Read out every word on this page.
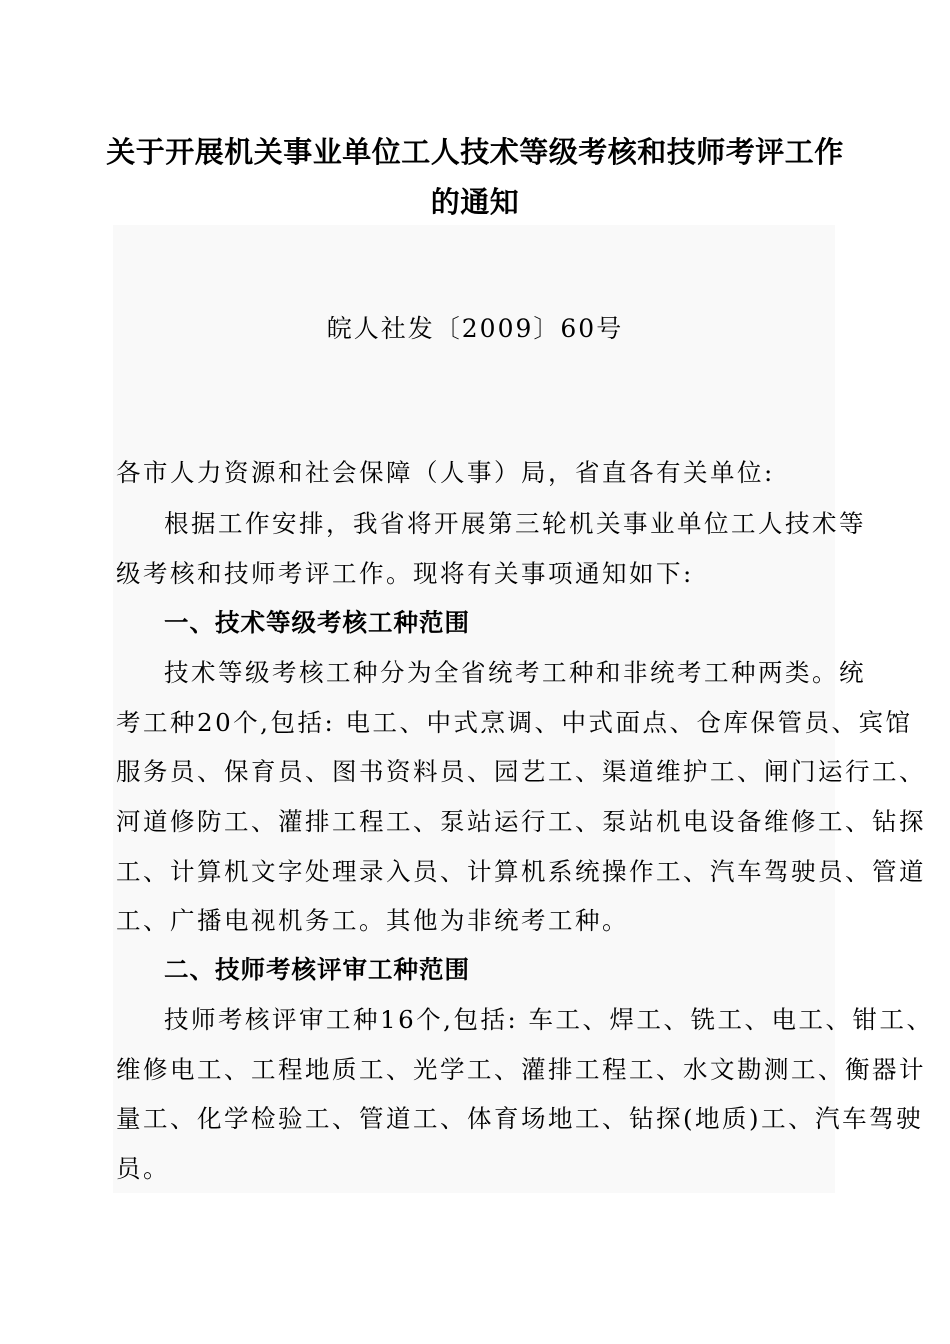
关于开展机关事业单位工人技术等级考核和技师考评工作
的通知
皖人社发〔2009〕60号
各市人力资源和社会保障（人事）局，省直各有关单位:
根据工作安排，我省将开展第三轮机关事业单位工人技术等
级考核和技师考评工作。现将有关事项通知如下:
一、技术等级考核工种范围
技术等级考核工种分为全省统考工种和非统考工种两类。统
考工种20个,包括: 电工、中式烹调、中式面点、仓库保管员、宾馆
服务员、保育员、图书资料员、园艺工、渠道维护工、闸门运行工、
河道修防工、灌排工程工、泵站运行工、泵站机电设备维修工、钻探
工、计算机文字处理录入员、计算机系统操作工、汽车驾驶员、管道
工、广播电视机务工。其他为非统考工种。
二、技师考核评审工种范围
技师考核评审工种16个,包括: 车工、焊工、铣工、电工、钳工、
维修电工、工程地质工、光学工、灌排工程工、水文勘测工、衡器计
量工、化学检验工、管道工、体育场地工、钻探(地质)工、汽车驾驶
员。
